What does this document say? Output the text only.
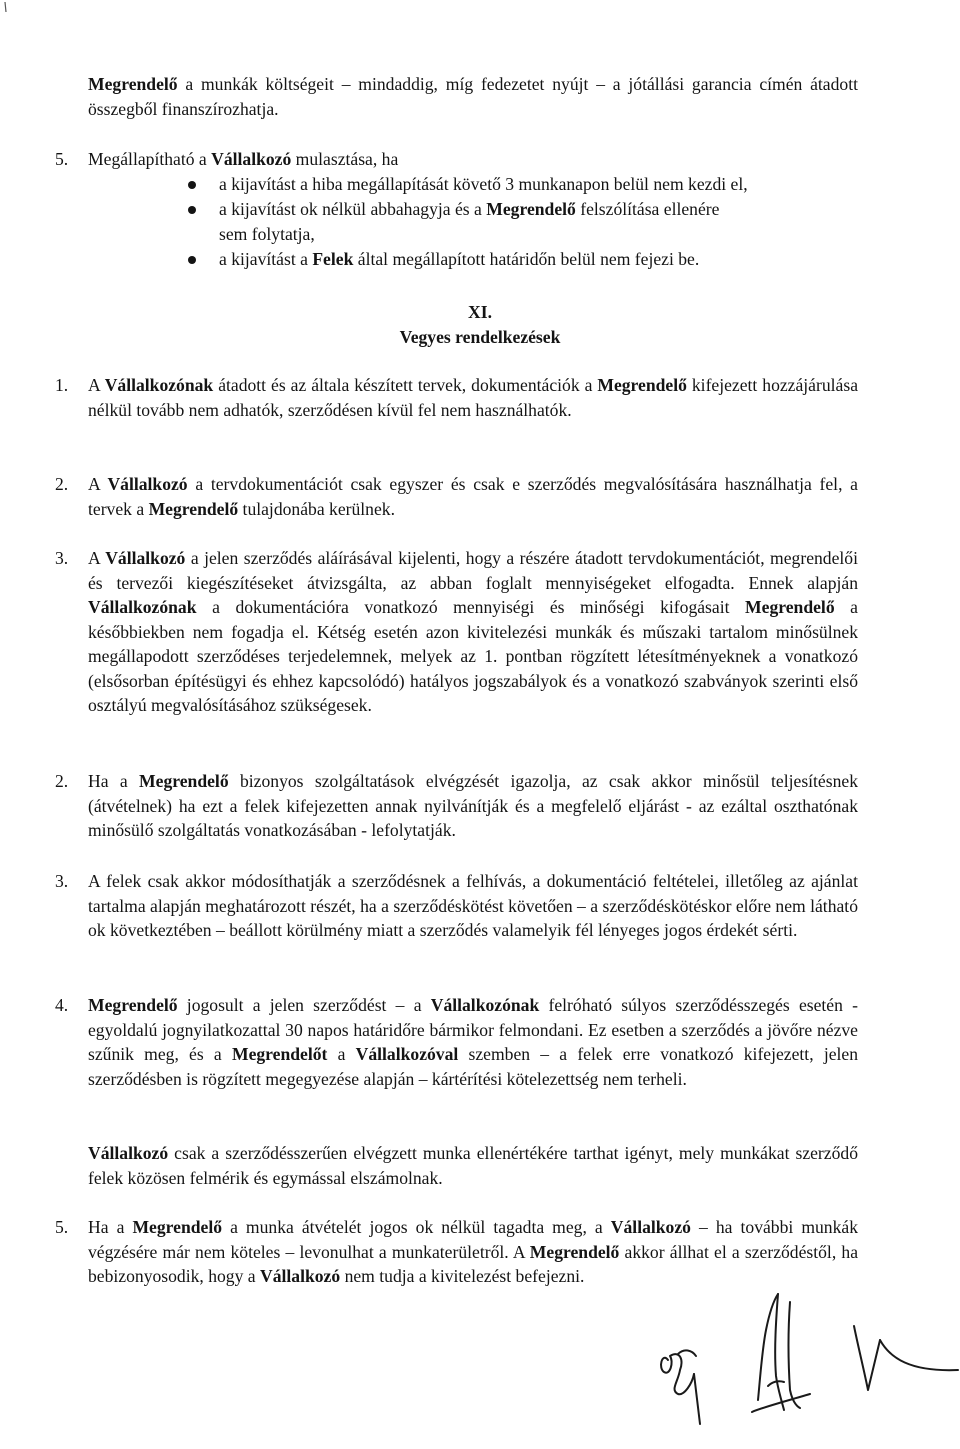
Megrendelő a munkák költségeit – mindaddig, míg fedezetet nyújt – a jótállási garancia címén átadott összegből finanszírozhatja.

5. Megállapítható a Vállalkozó mulasztása, ha

a kijavítást a hiba megállapítását követő 3 munkanapon belül nem kezdi el,

a kijavítást ok nélkül abbahagyja és a Megrendelő felszólítása ellenére

sem folytatja,

a kijavítást a Felek által megállapított határidőn belül nem fejezi be.

XI.

Vegyes rendelkezések

1. A Vállalkozónak átadott és az általa készített tervek, dokumentációk a Megrendelő kifejezett hozzájárulása nélkül tovább nem adhatók, szerződésen kívül fel nem használhatók.

2. A Vállalkozó a tervdokumentációt csak egyszer és csak e szerződés megvalósítására használhatja fel, a tervek a Megrendelő tulajdonába kerülnek.

3. A Vállalkozó a jelen szerződés aláírásával kijelenti, hogy a részére átadott tervdokumentációt, megrendelői és tervezői kiegészítéseket átvizsgálta, az abban foglalt mennyiségeket elfogadta. Ennek alapján Vállalkozónak a dokumentációra vonatkozó mennyiségi és minőségi kifogásait Megrendelő a későbbiekben nem fogadja el. Kétség esetén azon kivitelezési munkák és műszaki tartalom minősülnek megállapodott szerződéses terjedelemnek, melyek az 1. pontban rögzített létesítményeknek a vonatkozó (elsősorban építésügyi és ehhez kapcsolódó) hatályos jogszabályok és a vonatkozó szabványok szerinti első osztályú megvalósításához szükségesek.

2. Ha a Megrendelő bizonyos szolgáltatások elvégzését igazolja, az csak akkor minősül teljesítésnek (átvételnek) ha ezt a felek kifejezetten annak nyilvánítják és a megfelelő eljárást - az ezáltal oszthatónak minősülő szolgáltatás vonatkozásában - lefolytatják.

3. A felek csak akkor módosíthatják a szerződésnek a felhívás, a dokumentáció feltételei, illetőleg az ajánlat tartalma alapján meghatározott részét, ha a szerződéskötést követően – a szerződéskötéskor előre nem látható ok következtében – beállott körülmény miatt a szerződés valamelyik fél lényeges jogos érdekét sérti.

4. Megrendelő jogosult a jelen szerződést – a Vállalkozónak felróható súlyos szerződésszegés esetén - egyoldalú jognyilatkozattal 30 napos határidőre bármikor felmondani. Ez esetben a szerződés a jövőre nézve szűnik meg, és a Megrendelőt a Vállalkozóval szemben – a felek erre vonatkozó kifejezett, jelen szerződésben is rögzített megegyezése alapján – kártérítési kötelezettség nem terheli.

Vállalkozó csak a szerződésszerűen elvégzett munka ellenértékére tarthat igényt, mely munkákat szerződő felek közösen felmérik és egymással elszámolnak.

5. Ha a Megrendelő a munka átvételét jogos ok nélkül tagadta meg, a Vállalkozó – ha további munkák végzésére már nem köteles – levonulhat a munkaterületről. A Megrendelő akkor állhat el a szerződéstől, ha bebizonyosodik, hogy a Vállalkozó nem tudja a kivitelezést befejezni.
